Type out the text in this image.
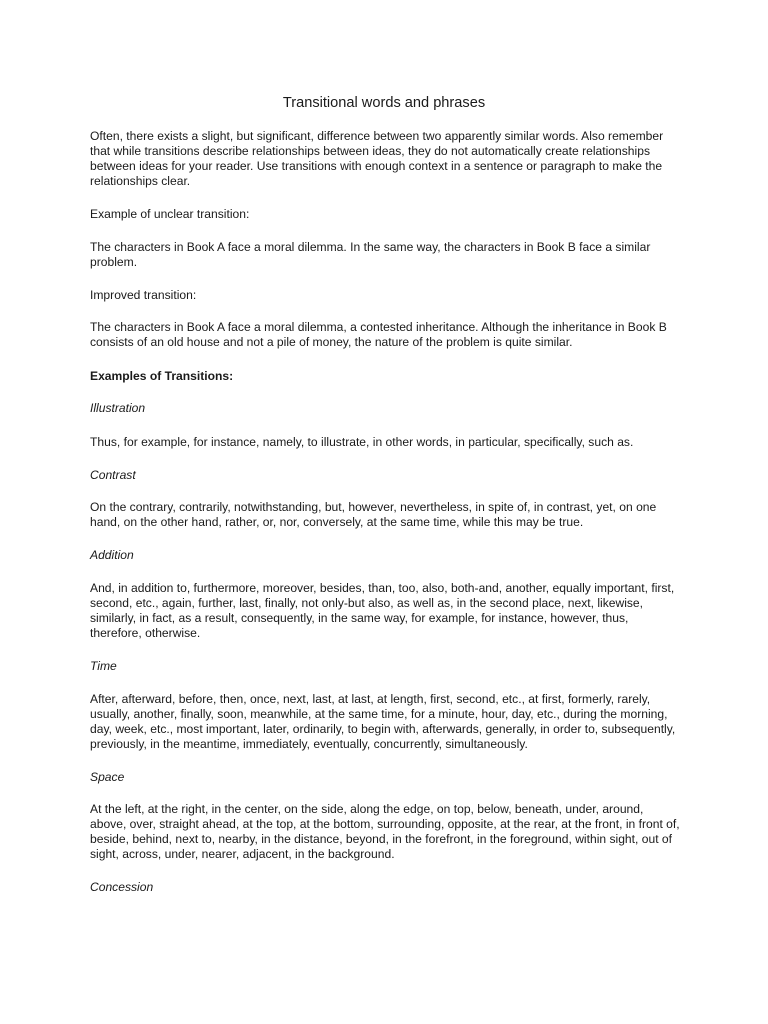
Transitional words and phrases

Often, there exists a slight, but significant, difference between two apparently similar words. Also remember that while transitions describe relationships between ideas, they do not automatically create relationships between ideas for your reader. Use transitions with enough context in a sentence or paragraph to make the relationships clear.

Example of unclear transition:

The characters in Book A face a moral dilemma. In the same way, the characters in Book B face a similar problem.

Improved transition:

The characters in Book A face a moral dilemma, a contested inheritance. Although the inheritance in Book B consists of an old house and not a pile of money, the nature of the problem is quite similar.

Examples of Transitions:

Illustration

Thus, for example, for instance, namely, to illustrate, in other words, in particular, specifically, such as.

Contrast

On the contrary, contrarily, notwithstanding, but, however, nevertheless, in spite of, in contrast, yet, on one hand, on the other hand, rather, or, nor, conversely, at the same time, while this may be true.

Addition

And, in addition to, furthermore, moreover, besides, than, too, also, both-and, another, equally important, first, second, etc., again, further, last, finally, not only-but also, as well as, in the second place, next, likewise, similarly, in fact, as a result, consequently, in the same way, for example, for instance, however, thus, therefore, otherwise.

Time

After, afterward, before, then, once, next, last, at last, at length, first, second, etc., at first, formerly, rarely, usually, another, finally, soon, meanwhile, at the same time, for a minute, hour, day, etc., during the morning, day, week, etc., most important, later, ordinarily, to begin with, afterwards, generally, in order to, subsequently, previously, in the meantime, immediately, eventually, concurrently, simultaneously.

Space

At the left, at the right, in the center, on the side, along the edge, on top, below, beneath, under, around, above, over, straight ahead, at the top, at the bottom, surrounding, opposite, at the rear, at the front, in front of, beside, behind, next to, nearby, in the distance, beyond, in the forefront, in the foreground, within sight, out of sight, across, under, nearer, adjacent, in the background.

Concession
